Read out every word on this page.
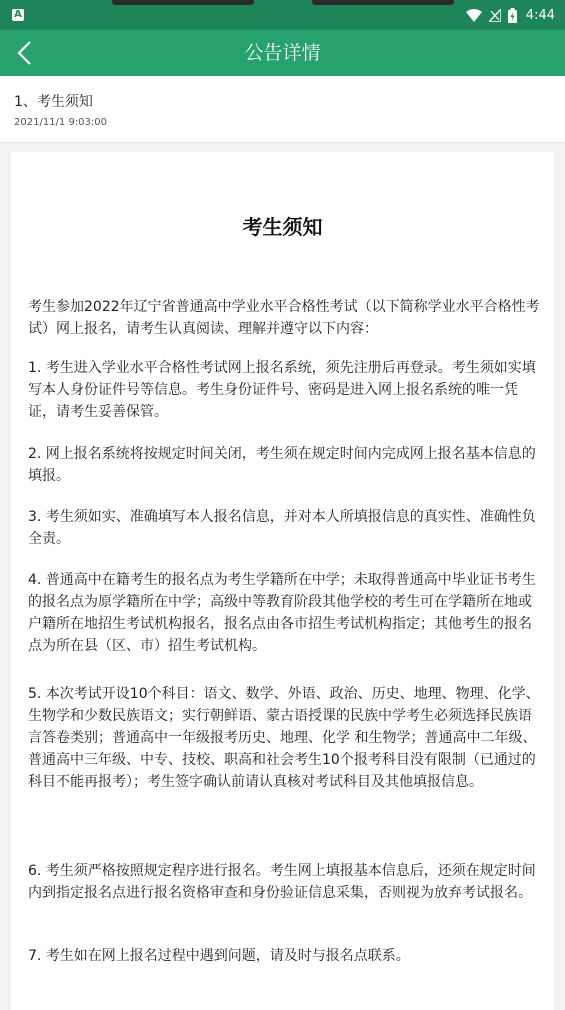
A	4:44
公告详情
1、考生须知
2021/11/1 9:03:00
考生须知

考生参加2022年辽宁省普通高中学业水平合格性考试（以下简称学业水平合格性考试）网上报名，请考生认真阅读、理解并遵守以下内容：

1. 考生进入学业水平合格性考试网上报名系统，须先注册后再登录。考生须如实填写本人身份证件号等信息。考生身份证件号、密码是进入网上报名系统的唯一凭证，请考生妥善保管。

2. 网上报名系统将按规定时间关闭，考生须在规定时间内完成网上报名基本信息的填报。

3. 考生须如实、准确填写本人报名信息，并对本人所填报信息的真实性、准确性负全责。

4. 普通高中在籍考生的报名点为考生学籍所在中学；未取得普通高中毕业证书考生的报名点为原学籍所在中学；高级中等教育阶段其他学校的考生可在学籍所在地或户籍所在地招生考试机构报名，报名点由各市招生考试机构指定；其他考生的报名点为所在县（区、市）招生考试机构。

5. 本次考试开设10个科目：语文、数学、外语、政治、历史、地理、物理、化学、生物学和少数民族语文；实行朝鲜语、蒙古语授课的民族中学考生必须选择民族语言答卷类别；普通高中一年级报考历史、地理、化学 和生物学；普通高中二年级、普通高中三年级、中专、技校、职高和社会考生10个报考科目没有限制（已通过的科目不能再报考）；考生签字确认前请认真核对考试科目及其他填报信息。

6. 考生须严格按照规定程序进行报名。考生网上填报基本信息后，还须在规定时间内到指定报名点进行报名资格审查和身份验证信息采集，否则视为放弃考试报名。

7. 考生如在网上报名过程中遇到问题，请及时与报名点联系。
